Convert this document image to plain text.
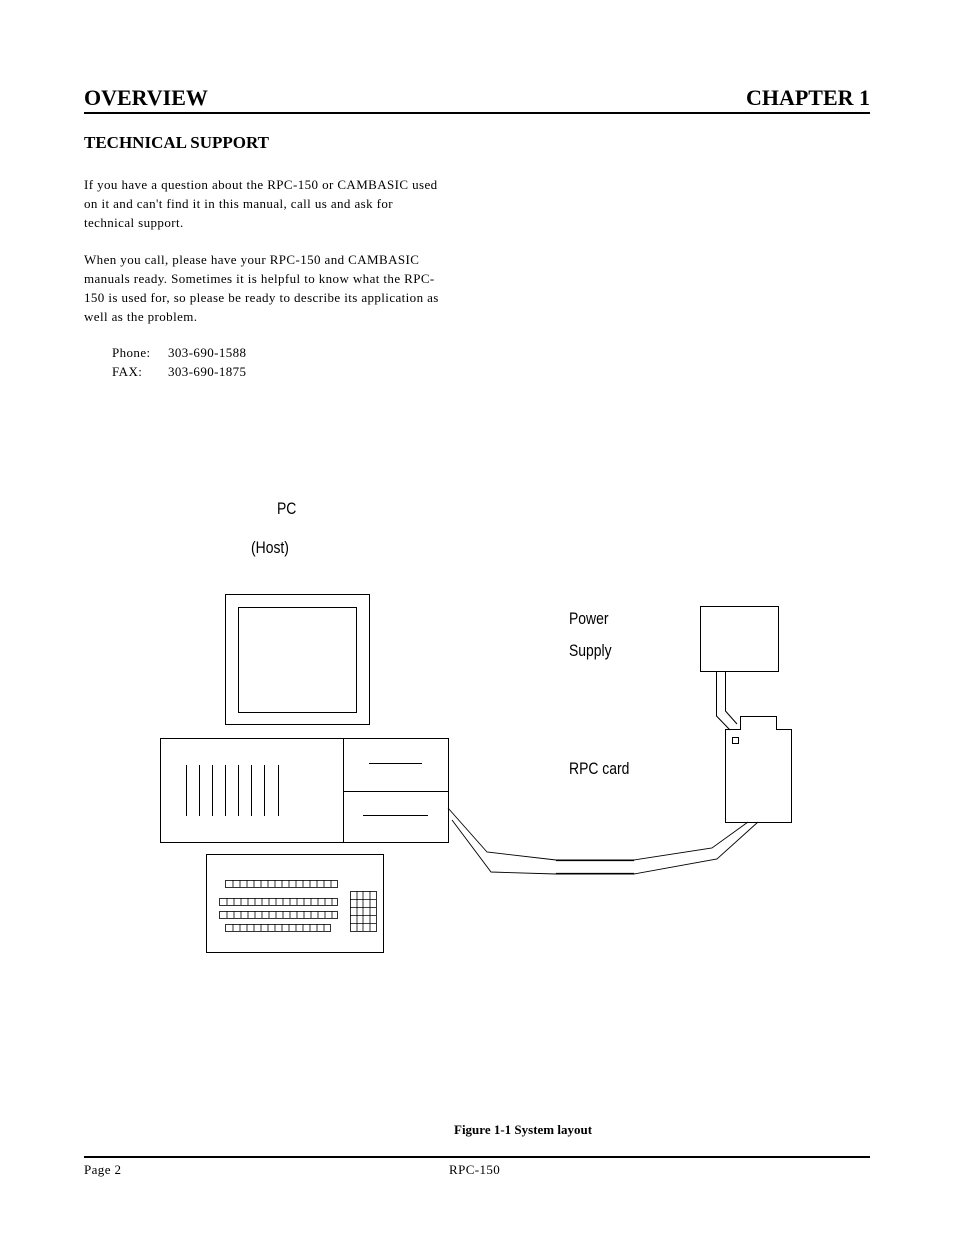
OVERVIEW	CHAPTER 1
TECHNICAL SUPPORT
If you have a question about the RPC-150 or CAMBASIC used on it and can't find it in this manual, call us and ask for technical support.
When you call, please have your RPC-150 and CAMBASIC manuals ready. Sometimes it is helpful to know what the RPC-150 is used for, so please be ready to describe its application as well as the problem.
Phone: 303-690-1588
FAX: 303-690-1875
PC
(Host)
Power
Supply
RPC card
Figure 1-1 System layout
Page 2	RPC-150
